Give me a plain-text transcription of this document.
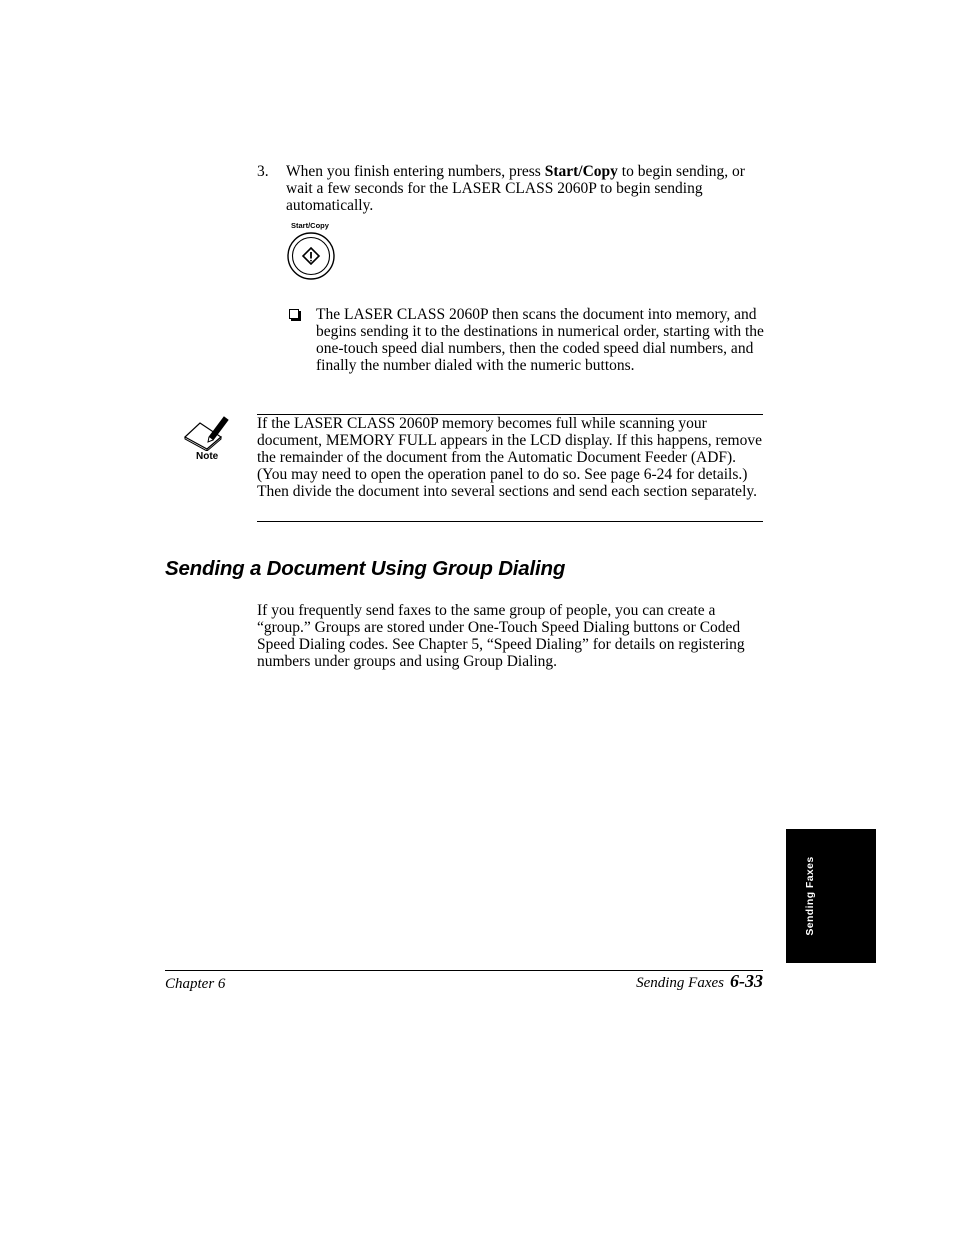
3. When you finish entering numbers, press Start/Copy to begin sending, or wait a few seconds for the LASER CLASS 2060P to begin sending automatically.

Start/Copy

The LASER CLASS 2060P then scans the document into memory, and begins sending it to the destinations in numerical order, starting with the one-touch speed dial numbers, then the coded speed dial numbers, and finally the number dialed with the numeric buttons.

Note

If the LASER CLASS 2060P memory becomes full while scanning your document, MEMORY FULL appears in the LCD display. If this happens, remove the remainder of the document from the Automatic Document Feeder (ADF). (You may need to open the operation panel to do so. See page 6-24 for details.) Then divide the document into several sections and send each section separately.

Sending a Document Using Group Dialing

If you frequently send faxes to the same group of people, you can create a “group.” Groups are stored under One-Touch Speed Dialing buttons or Coded Speed Dialing codes. See Chapter 5, “Speed Dialing” for details on registering numbers under groups and using Group Dialing.

Sending Faxes
Chapter 6	Sending Faxes 6-33
